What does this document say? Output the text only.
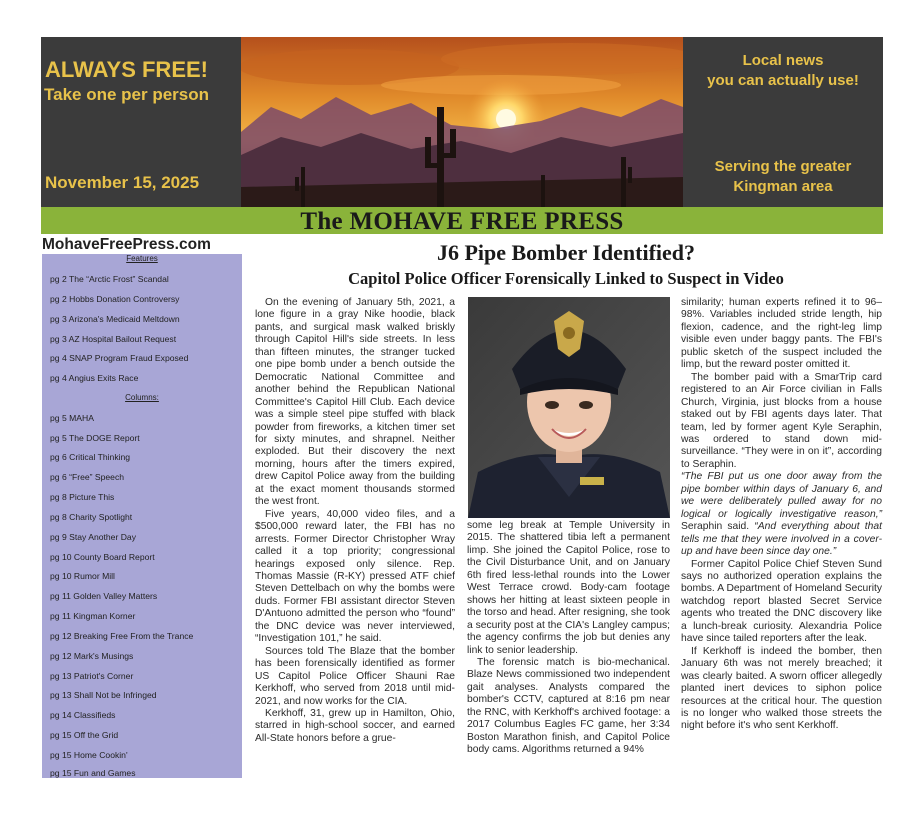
ALWAYS FREE!
Take one per person
November 15, 2025
Local news
you can actually use!
Serving the greater
Kingman area
The MOHAVE FREE PRESS
MohaveFreePress.com
Features
pg 2 The “Arctic Frost” Scandal
pg 2 Hobbs Donation Controversy
pg 3 Arizona's Medicaid Meltdown
pg 3 AZ Hospital Bailout Request
pg 4 SNAP Program Fraud Exposed
pg 4 Angius Exits Race
Columns:
pg 5 MAHA
pg 5 The DOGE Report
pg 6 Critical Thinking
pg 6 “Free” Speech
pg 8 Picture This
pg 8 Charity Spotlight
pg 9 Stay Another Day
pg 10 County Board Report
pg 10 Rumor Mill
pg 11 Golden Valley Matters
pg 11 Kingman Korner
pg 12 Breaking Free From the Trance
pg 12 Mark's Musings
pg 13 Patriot's Corner
pg 13 Shall Not be Infringed
pg 14 Classifieds
pg 15 Off the Grid
pg 15 Home Cookin'
pg 15 Fun and Games
J6 Pipe Bomber Identified?
Capitol Police Officer Forensically Linked to Suspect in Video

On the evening of January 5th, 2021, a lone figure in a gray Nike hoodie, black pants, and surgical mask walked briskly through Capitol Hill's side streets. In less than fifteen minutes, the stranger tucked one pipe bomb under a bench outside the Democratic National Committee and another behind the Republican National Committee's Capitol Hill Club. Each device was a simple steel pipe stuffed with black powder from fireworks, a kitchen timer set for sixty minutes, and shrapnel. Neither exploded. But their discovery the next morning, hours after the timers expired, drew Capitol Police away from the building at the exact moment thousands stormed the west front.

Five years, 40,000 video files, and a $500,000 reward later, the FBI has no arrests. Former Director Christopher Wray called it a top priority; congressional hearings exposed only silence. Rep. Thomas Massie (R-KY) pressed ATF chief Steven Dettelbach on why the bombs were duds. Former FBI assistant director Steven D'Antuono admitted the person who “found” the DNC device was never interviewed, “Investigation 101,” he said.

Sources told The Blaze that the bomber has been forensically identified as former US Capitol Police Officer Shauni Rae Kerkhoff, who served from 2018 until mid-2021, and now works for the CIA.

Kerkhoff, 31, grew up in Hamilton, Ohio, starred in high-school soccer, and earned All-State honors before a grue-

some leg break at Temple University in 2015. The shattered tibia left a permanent limp. She joined the Capitol Police, rose to the Civil Disturbance Unit, and on January 6th fired less-lethal rounds into the Lower West Terrace crowd. Body-cam footage shows her hitting at least sixteen people in the torso and head. After resigning, she took a security post at the CIA's Langley campus; the agency confirms the job but denies any link to senior leadership.

The forensic match is bio-mechanical. Blaze News commissioned two independent gait analyses. Analysts compared the bomber's CCTV, captured at 8:16 pm near the RNC, with Kerkhoff's archived footage: a 2017 Columbus Eagles FC game, her 3:34 Boston Marathon finish, and Capitol Police body cams. Algorithms returned a 94%

similarity; human experts refined it to 96–98%. Variables included stride length, hip flexion, cadence, and the right-leg limp visible even under baggy pants. The FBI's public sketch of the suspect included the limp, but the reward poster omitted it.

The bomber paid with a SmarTrip card registered to an Air Force civilian in Falls Church, Virginia, just blocks from a house staked out by FBI agents days later. That team, led by former agent Kyle Seraphin, was ordered to stand down mid-surveillance. “They were in on it”, according to Seraphin.

“The FBI put us one door away from the pipe bomber within days of January 6, and we were deliberately pulled away for no logical or logically investigative reason,” Seraphin said. “And everything about that tells me that they were involved in a cover-up and have been since day one.”

Former Capitol Police Chief Steven Sund says no authorized operation explains the bombs. A Department of Homeland Security watchdog report blasted Secret Service agents who treated the DNC discovery like a lunch-break curiosity. Alexandria Police have since tailed reporters after the leak.

If Kerkhoff is indeed the bomber, then January 6th was not merely breached; it was clearly baited. A sworn officer allegedly planted inert devices to siphon police resources at the critical hour. The question is no longer who walked those streets the night before it's who sent Kerkhoff.
